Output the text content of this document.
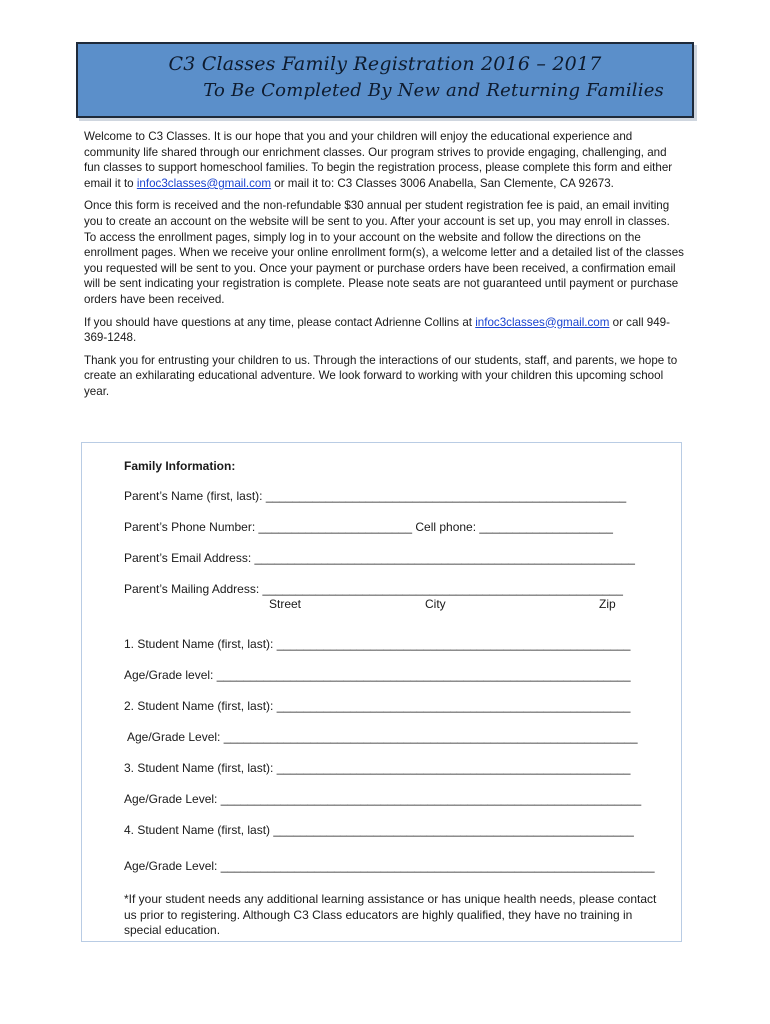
C3 Classes Family Registration 2016 – 2017
To Be Completed By New and Returning Families

Welcome to C3 Classes. It is our hope that you and your children will enjoy the educational experience and community life shared through our enrichment classes. Our program strives to provide engaging, challenging, and fun classes to support homeschool families. To begin the registration process, please complete this form and either email it to infoc3classes@gmail.com or mail it to: C3 Classes 3006 Anabella, San Clemente, CA 92673.

Once this form is received and the non-refundable $30 annual per student registration fee is paid, an email inviting you to create an account on the website will be sent to you. After your account is set up, you may enroll in classes. To access the enrollment pages, simply log in to your account on the website and follow the directions on the enrollment pages. When we receive your online enrollment form(s), a welcome letter and a detailed list of the classes you requested will be sent to you. Once your payment or purchase orders have been received, a confirmation email will be sent indicating your registration is complete. Please note seats are not guaranteed until payment or purchase orders have been received.

If you should have questions at any time, please contact Adrienne Collins at infoc3classes@gmail.com or call 949-369-1248.

Thank you for entrusting your children to us. Through the interactions of our students, staff, and parents, we hope to create an exhilarating educational adventure. We look forward to working with your children this upcoming school year.

Family Information:
Parent’s Name (first, last): ______________________________________________________
Parent’s Phone Number: _______________________ Cell phone: ____________________
Parent’s Email Address: _________________________________________________________
Parent’s Mailing Address: ______________________________________________________
Street	City	Zip
1. Student Name (first, last): _____________________________________________________
Age/Grade level: ______________________________________________________________
2. Student Name (first, last): _____________________________________________________
Age/Grade Level: ______________________________________________________________
3. Student Name (first, last): _____________________________________________________
Age/Grade Level: _______________________________________________________________
4. Student Name (first, last) ______________________________________________________
Age/Grade Level: _________________________________________________________________
*If your student needs any additional learning assistance or has unique health needs, please contact us prior to registering. Although C3 Class educators are highly qualified, they have no training in special education.
